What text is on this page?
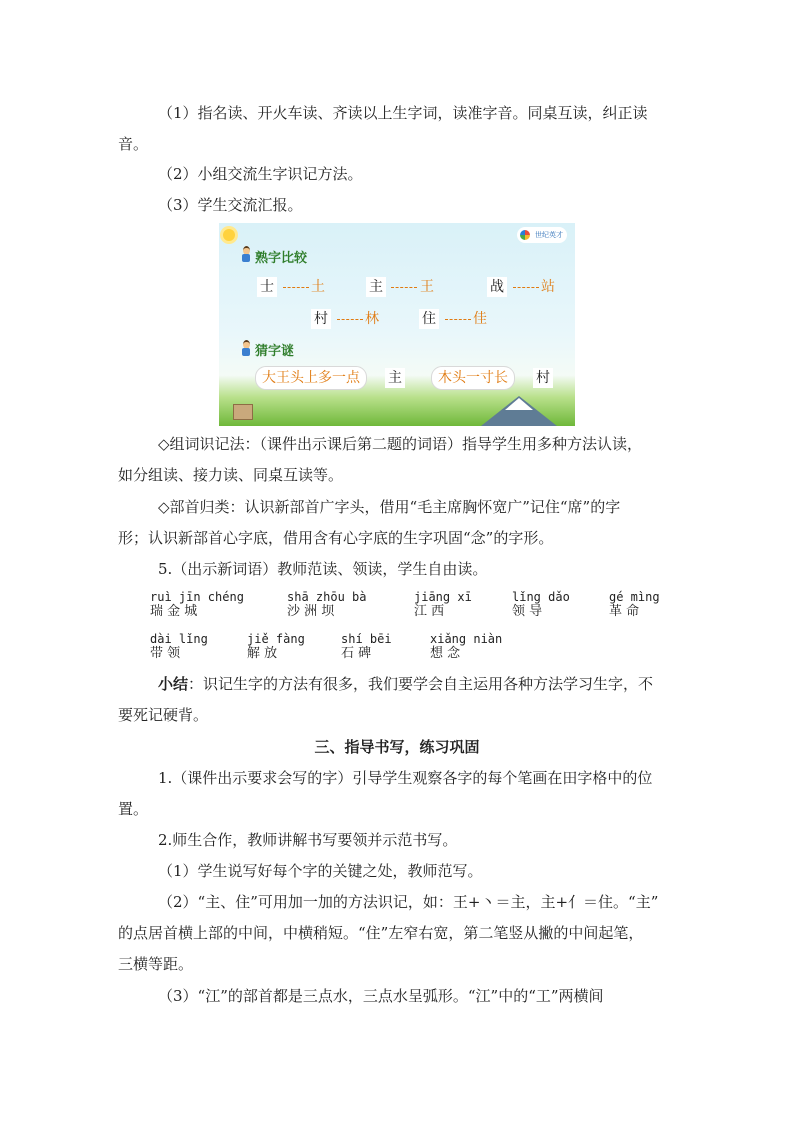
（1）指名读、开火车读、齐读以上生字词，读准字音。同桌互读，纠正读
音。
（2）小组交流生字识记方法。
（3）学生交流汇报。
世纪英才
熟字比较
士	土	主	王	战	站
村	林	住	佳
猜字谜
大王头上多一点	主	木头一寸长	村
◇组词识记法：（课件出示课后第二题的词语）指导学生用多种方法认读，
如分组读、接力读、同桌互读等。
◇部首归类：认识新部首广字头，借用“毛主席胸怀宽广”记住“席”的字
形；认识新部首心字底，借用含有心字底的生字巩固“念”的字形。
5.（出示新词语）教师范读、领读，学生自由读。
ruì jīn chéng
瑞 金 城
shā zhōu bà
沙 洲 坝
jiāng xī
江 西
lǐng dǎo
领 导
gé mìng
革 命
dài lǐng
带 领
jiě fàng
解 放
shí bēi
石 碑
xiǎng niàn
想 念
小结：识记生字的方法有很多，我们要学会自主运用各种方法学习生字，不
要死记硬背。
三、指导书写，练习巩固
1.（课件出示要求会写的字）引导学生观察各字的每个笔画在田字格中的位
置。
2.师生合作，教师讲解书写要领并示范书写。
（1）学生说写好每个字的关键之处，教师范写。
（2）“主、住”可用加一加的方法识记，如：王+丶＝主，主+亻＝住。“主”
的点居首横上部的中间，中横稍短。“住”左窄右宽，第二笔竖从撇的中间起笔，
三横等距。
（3）“江”的部首都是三点水，三点水呈弧形。“江”中的“工”两横间
